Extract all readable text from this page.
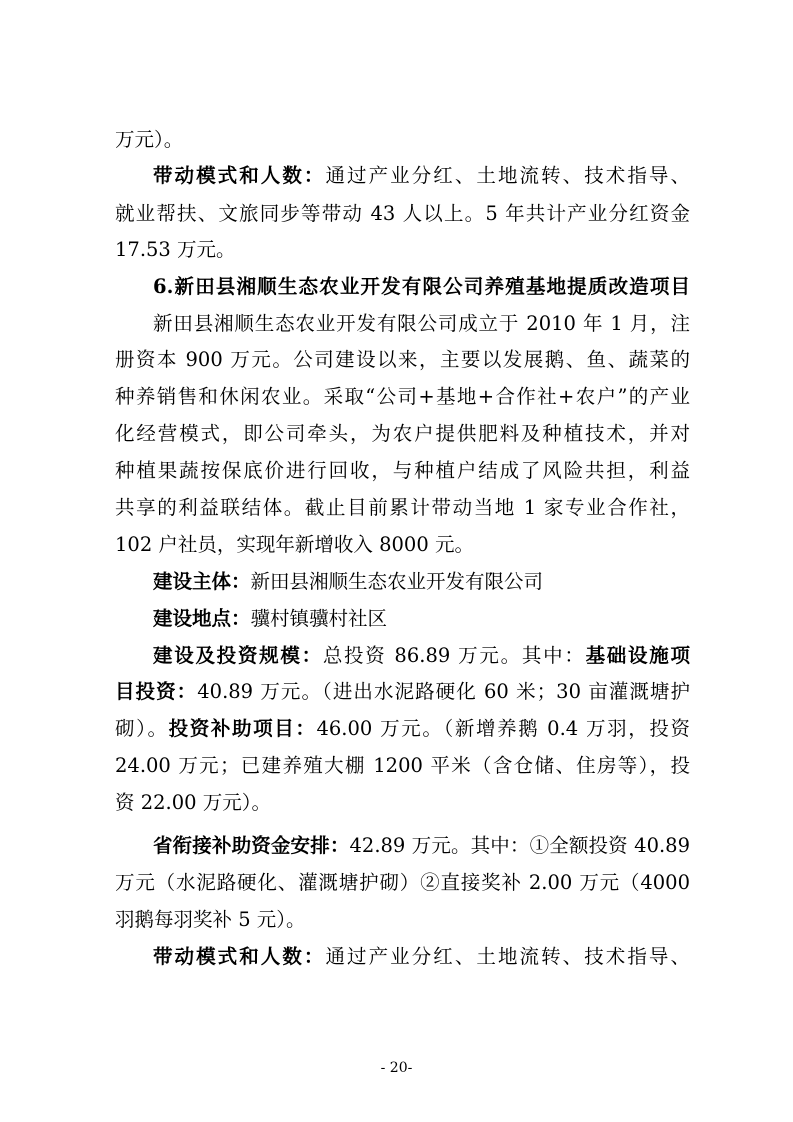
万元）。
带动模式和人数：通过产业分红、土地流转、技术指导、
就业帮扶、文旅同步等带动 43 人以上。5 年共计产业分红资金
17.53 万元。
6.新田县湘顺生态农业开发有限公司养殖基地提质改造项目
新田县湘顺生态农业开发有限公司成立于 2010 年 1 月，注
册资本 900 万元。公司建设以来，主要以发展鹅、鱼、蔬菜的
种养销售和休闲农业。采取“公司+基地+合作社+农户”的产业
化经营模式，即公司牵头，为农户提供肥料及种植技术，并对
种植果蔬按保底价进行回收，与种植户结成了风险共担，利益
共享的利益联结体。截止目前累计带动当地 1 家专业合作社，
102 户社员，实现年新增收入 8000 元。
建设主体：新田县湘顺生态农业开发有限公司
建设地点：骥村镇骥村社区
建设及投资规模：总投资 86.89 万元。其中：基础设施项
目投资：40.89 万元。（进出水泥路硬化 60 米；30 亩灌溉塘护
砌）。投资补助项目：46.00 万元。（新增养鹅 0.4 万羽，投资
24.00 万元；已建养殖大棚 1200 平米（含仓储、住房等），投
资 22.00 万元）。
省衔接补助资金安排：42.89 万元。其中：①全额投资 40.89
万元（水泥路硬化、灌溉塘护砌）②直接奖补 2.00 万元（4000
羽鹅每羽奖补 5 元）。
带动模式和人数：通过产业分红、土地流转、技术指导、
- 20-
